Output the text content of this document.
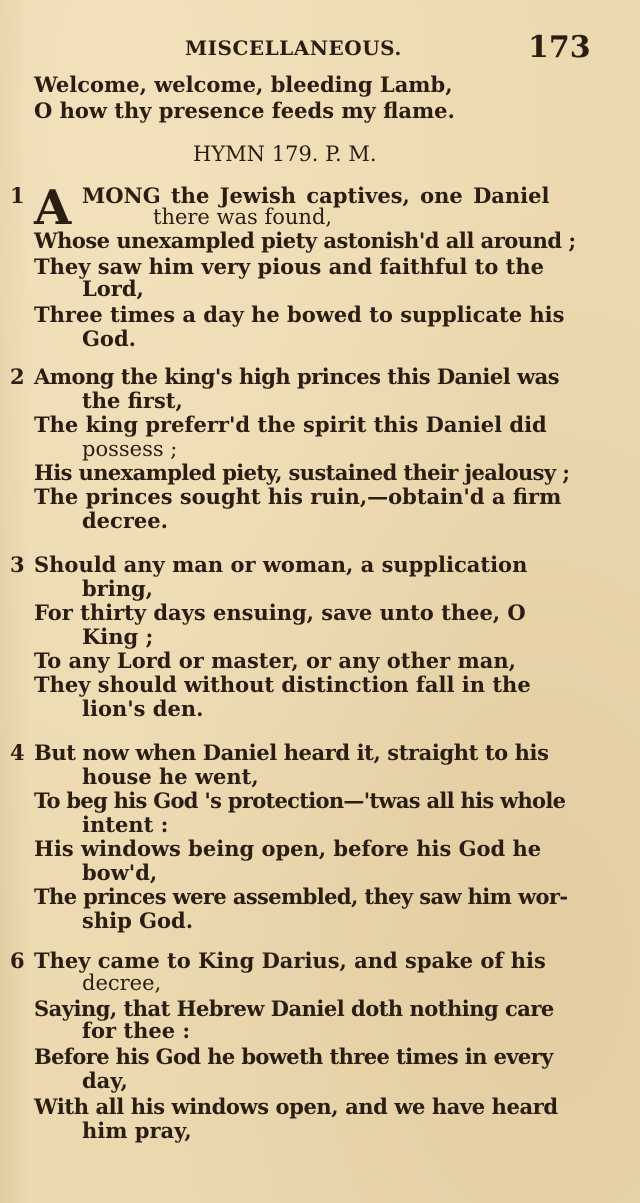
MISCELLANEOUS.	173
Welcome, welcome, bleeding Lamb,
O how thy presence feeds my flame.
HYMN 179. P. M.
1 A MONG the Jewish captives, one Daniel
there was found,
Whose unexampled piety astonish'd all around ;
They saw him very pious and faithful to the
Lord,
Three times a day he bowed to supplicate his
God.
2 Among the king's high princes this Daniel was
the first,
The king preferr'd the spirit this Daniel did
possess ;
His unexampled piety, sustained their jealousy ;
The princes sought his ruin,—obtain'd a firm
decree.
3 Should any man or woman, a supplication
bring,
For thirty days ensuing, save unto thee, O
King ;
To any Lord or master, or any other man,
They should without distinction fall in the
lion's den.
4 But now when Daniel heard it, straight to his
house he went,
To beg his God 's protection—'twas all his whole
intent :
His windows being open, before his God he
bow'd,
The princes were assembled, they saw him wor-
ship God.
6 They came to King Darius, and spake of his
decree,
Saying, that Hebrew Daniel doth nothing care
for thee :
Before his God he boweth three times in every
day,
With all his windows open, and we have heard
him pray,
